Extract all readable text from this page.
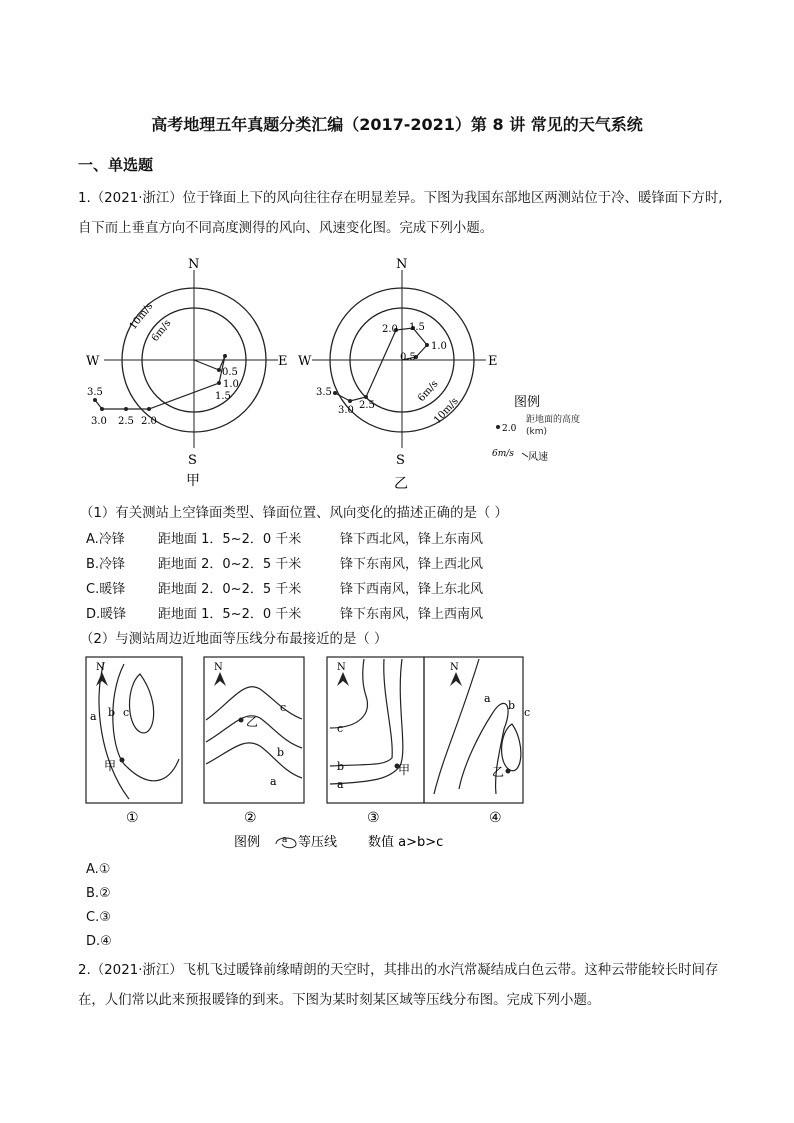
高考地理五年真题分类汇编（2017-2021）第 8 讲 常见的天气系统
一、单选题
1.（2021·浙江）位于锋面上下的风向往往存在明显差异。下图为我国东部地区两测站位于冷、暖锋面下方时,自下而上垂直方向不同高度测得的风向、风速变化图。完成下列小题。
N
S
W	E
10m/s
6m/s
0.5
1.0
1.5
2.0
2.5
3.0
3.5
甲
N
S
W	E
6m/s
10m/s
0.5
1.0
1.5
2.0
2.5
3.0
3.5
乙
图例
2.0
距地面的高度(km)
6m/s 风速
（1）有关测站上空锋面类型、锋面位置、风向变化的描述正确的是（ ）
A.冷锋	距地面 1．5~2．0 千米	锋下西北风，锋上东南风
B.冷锋	距地面 2．0~2．5 千米	锋下东南风，锋上西北风
C.暖锋	距地面 2．0~2．5 千米	锋下西南风，锋上东北风
D.暖锋 距地面 1．5~2．0 千米	锋下东南风，锋上西南风
（2）与测站周边近地面等压线分布最接近的是（ ）
N	N	N	N
a b c	c
b
a
c
b
a
a
b
c
甲
乙
甲	乙
①	②	③	④
图例 a 等压线 数值 a>b>c
A.①
B.②
C.③
D.④
2.（2021·浙江）飞机飞过暖锋前缘晴朗的天空时，其排出的水汽常凝结成白色云带。这种云带能较长时间存在，人们常以此来预报暖锋的到来。下图为某时刻某区域等压线分布图。完成下列小题。
